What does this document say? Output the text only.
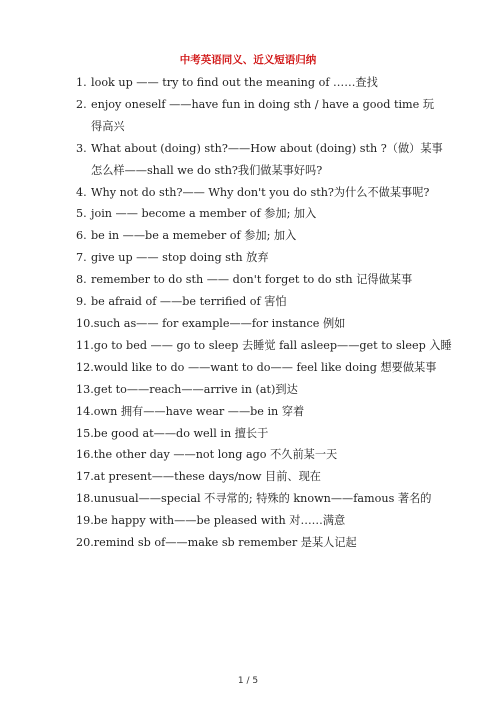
中考英语同义、近义短语归纳
1. look up —— try to find out the meaning of ……查找
2. enjoy oneself ——have fun in doing sth / have a good time 玩
得高兴
3. What about (doing) sth?——How about (doing) sth ?（做）某事
怎么样——shall we do sth?我们做某事好吗?
4. Why not do sth?—— Why don't you do sth?为什么不做某事呢?
5. join —— become a member of 参加; 加入
6. be in ——be a memeber of 参加; 加入
7. give up —— stop doing sth 放弃
8. remember to do sth —— don't forget to do sth 记得做某事
9. be afraid of ——be terrified of 害怕
10.such as—— for example——for instance 例如
11.go to bed —— go to sleep 去睡觉 fall asleep——get to sleep 入睡
12.would like to do ——want to do—— feel like doing 想要做某事
13.get to——reach——arrive in (at)到达
14.own 拥有——have wear ——be in 穿着
15.be good at——do well in 擅长于
16.the other day ——not long ago 不久前某一天
17.at present——these days/now 目前、现在
18.unusual——special 不寻常的; 特殊的 known——famous 著名的
19.be happy with——be pleased with 对……满意
20.remind sb of——make sb remember 是某人记起
1 / 5
